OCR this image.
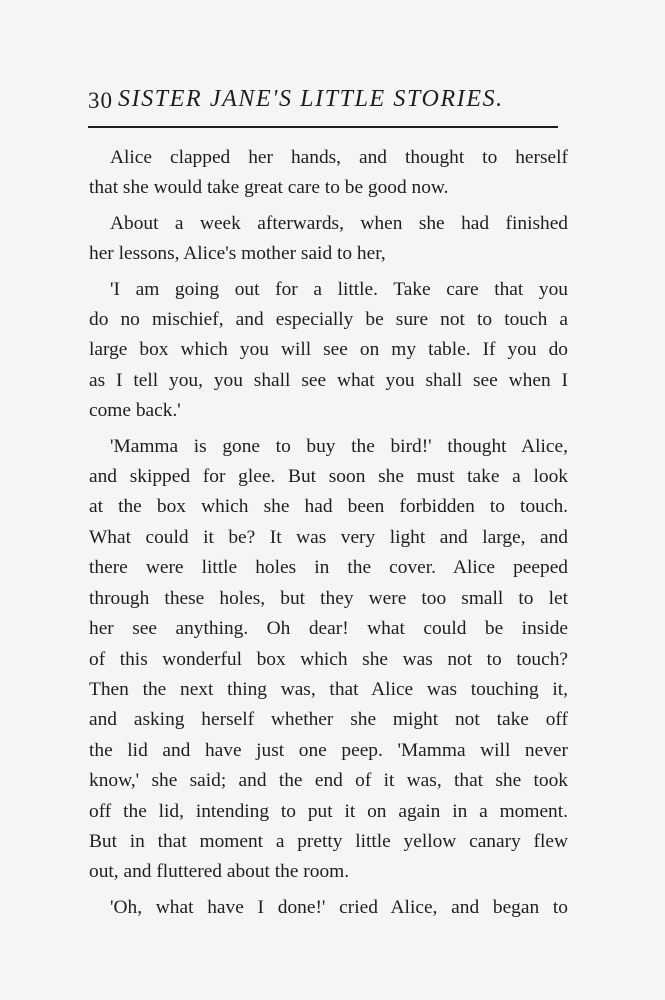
30 SISTER JANE'S LITTLE STORIES.
Alice clapped her hands, and thought to herself
that she would take great care to be good now.
About a week afterwards, when she had finished
her lessons, Alice's mother said to her,
'I am going out for a little. Take care that you
do no mischief, and especially be sure not to touch a
large box which you will see on my table. If you do
as I tell you, you shall see what you shall see when I
come back.'
'Mamma is gone to buy the bird!' thought Alice,
and skipped for glee. But soon she must take a look
at the box which she had been forbidden to touch.
What could it be? It was very light and large, and
there were little holes in the cover. Alice peeped
through these holes, but they were too small to let
her see anything. Oh dear! what could be inside
of this wonderful box which she was not to touch?
Then the next thing was, that Alice was touching it,
and asking herself whether she might not take off
the lid and have just one peep. 'Mamma will never
know,' she said; and the end of it was, that she took
off the lid, intending to put it on again in a moment.
But in that moment a pretty little yellow canary flew
out, and fluttered about the room.
'Oh, what have I done!' cried Alice, and began to
